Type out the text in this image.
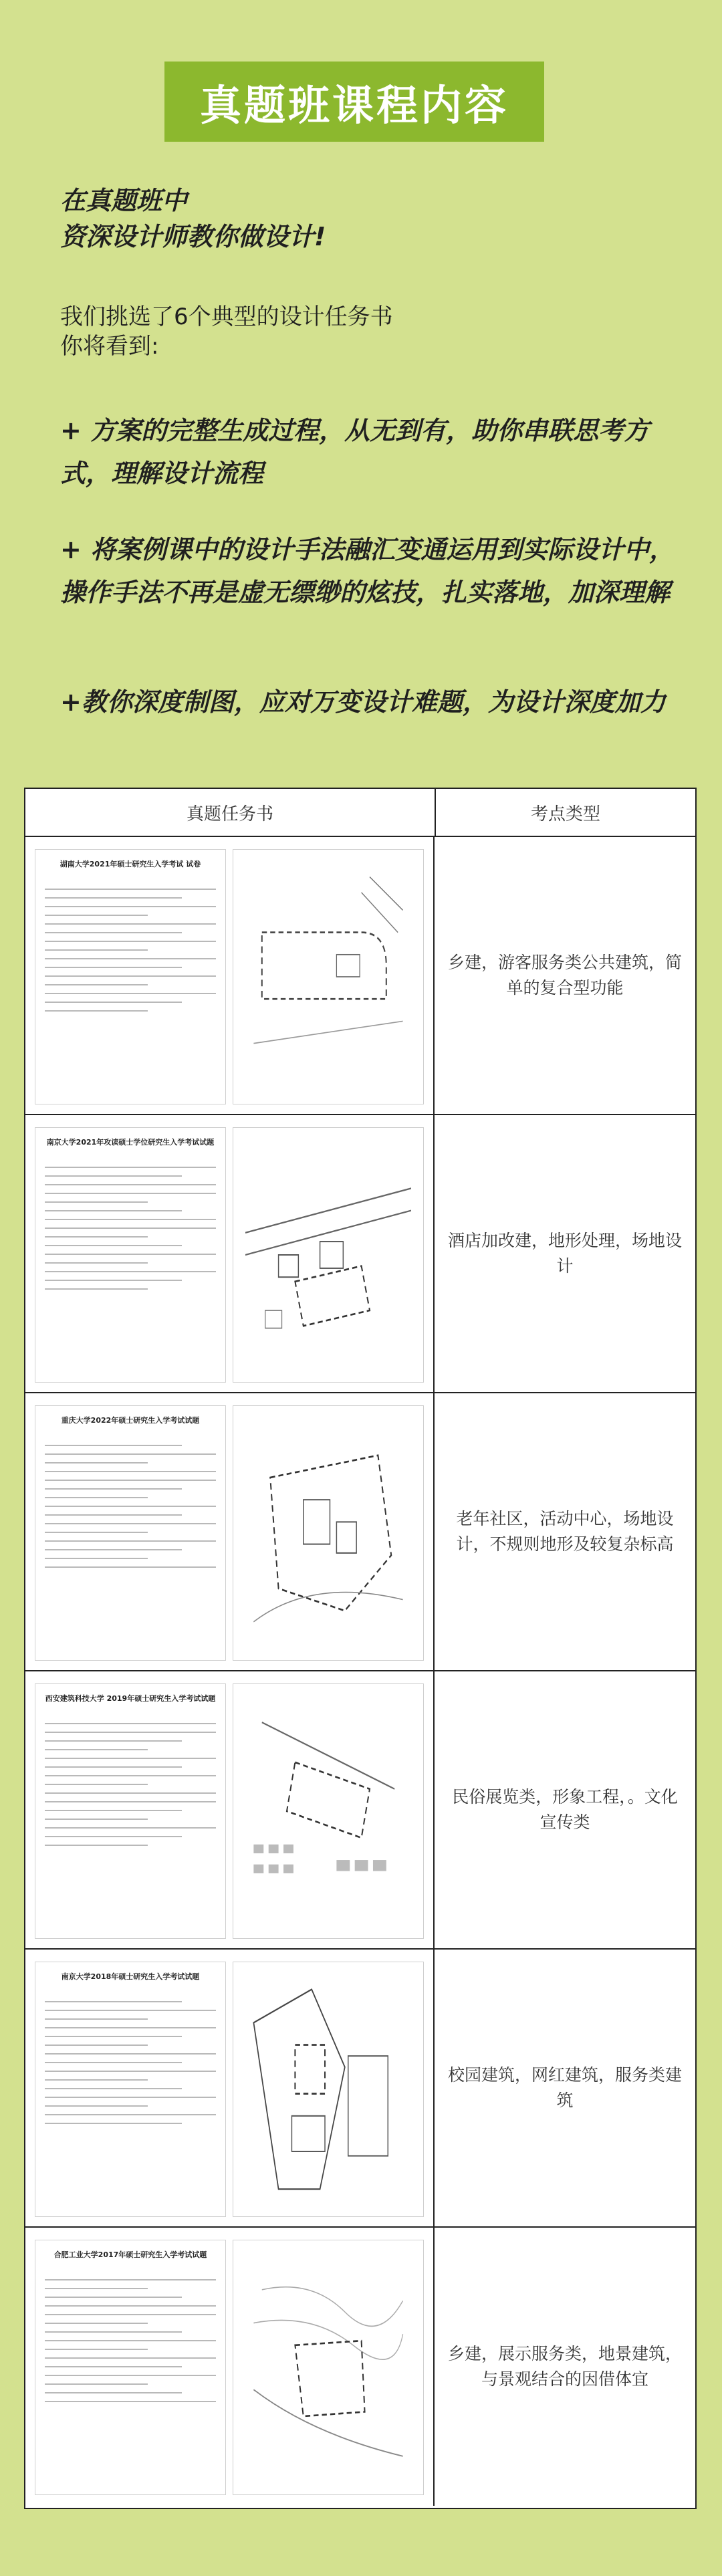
真题班课程内容
在真题班中
资深设计师教你做设计!
我们挑选了6个典型的设计任务书
你将看到:
+ 方案的完整生成过程，从无到有，助你串联思考方式，理解设计流程
+ 将案例课中的设计手法融汇变通运用到实际设计中，操作手法不再是虚无缥缈的炫技，扎实落地，加深理解
+教你深度制图，应对万变设计难题，为设计深度加力
真题任务书	考点类型
湖南大学2021年硕士研究生入学考试 试卷
乡建，游客服务类公共建筑，简单的复合型功能
南京大学2021年攻读硕士学位研究生入学考试试题
酒店加改建，地形处理，场地设计
重庆大学2022年硕士研究生入学考试试题
老年社区，活动中心，场地设计，不规则地形及较复杂标高
西安建筑科技大学 2019年硕士研究生入学考试试题
民俗展览类，形象工程，。文化宣传类
南京大学2018年硕士研究生入学考试试题
校园建筑，网红建筑，服务类建筑
合肥工业大学2017年硕士研究生入学考试试题
乡建，展示服务类，地景建筑，与景观结合的因借体宜
